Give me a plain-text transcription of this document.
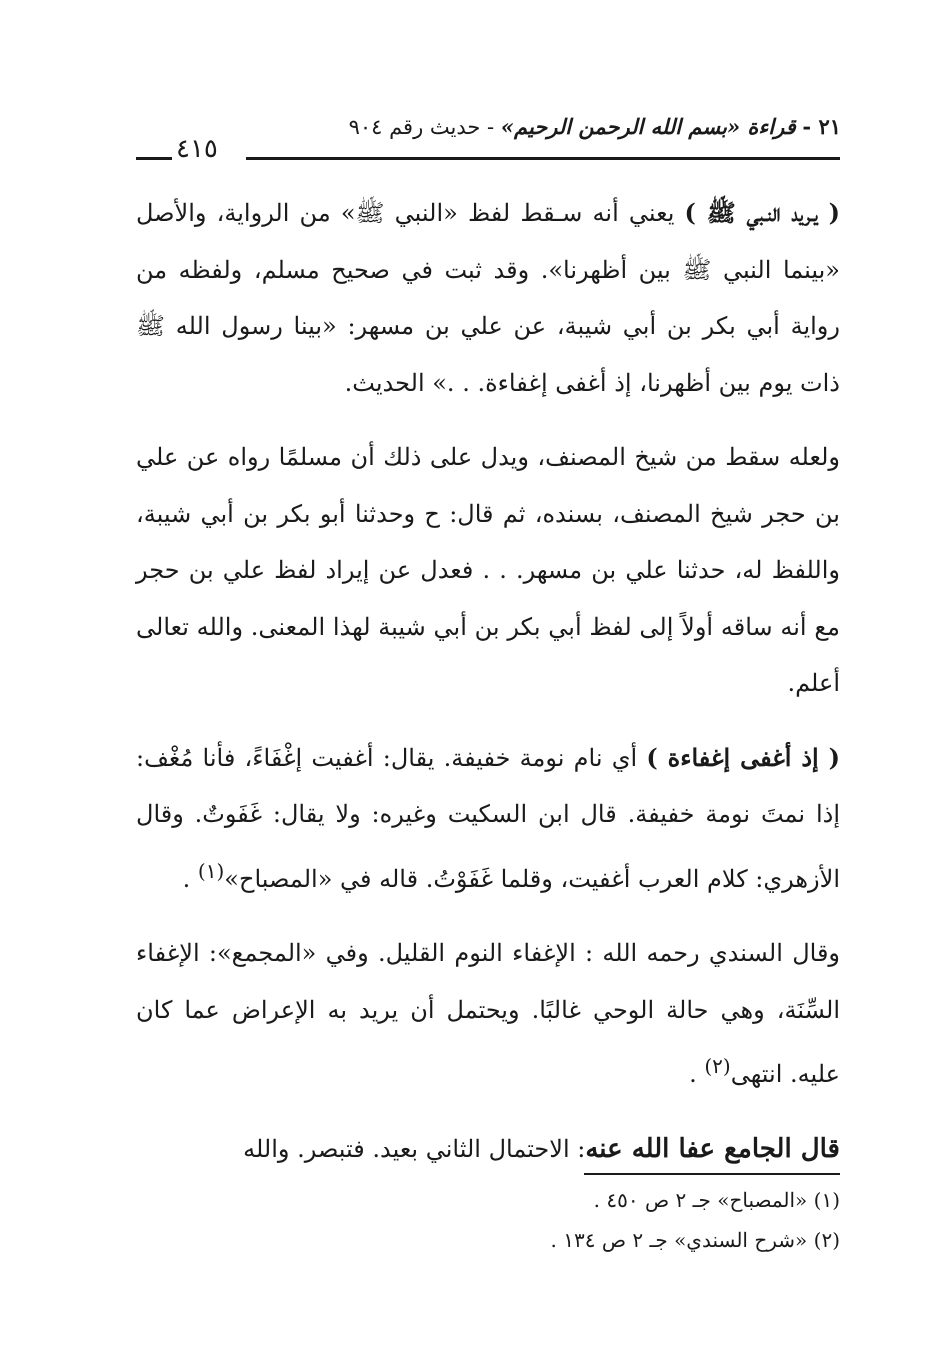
٢١ - قراءة «بسم الله الرحمن الرحيم» - حديث رقم ٩٠٤
٤١٥

( يـريد النـبي ﷺ ) يعني أنه سـقط لفظ «النبي ﷺ» من الرواية، والأصل «بينما النبي ﷺ بين أظهرنا». وقد ثبت في صحيح مسلم، ولفظه من رواية أبي بكر بن أبي شيبة، عن علي بن مسهر: «بينا رسول الله ﷺ ذات يوم بين أظهرنا، إذ أغفى إغفاءة. . .» الحديث.

ولعله سقط من شيخ المصنف، ويدل على ذلك أن مسلمًا رواه عن علي بن حجر شيخ المصنف، بسنده، ثم قال: ح وحدثنا أبو بكر بن أبي شيبة، واللفظ له، حدثنا علي بن مسهر. . . فعدل عن إيراد لفظ علي بن حجر مع أنه ساقه أولاً إلى لفظ أبي بكر بن أبي شيبة لهذا المعنى. والله تعالى أعلم.

( إذ أغفى إغفاءة ) أي نام نومة خفيفة. يقال: أغفيت إغْفَاءً، فأنا مُغْف: إذا نمتَ نومة خفيفة. قال ابن السكيت وغيره: ولا يقال: غَفَوتٌ. وقال الأزهري: كلام العرب أغفيت، وقلما غَفَوْتُ. قاله في «المصباح»$^{(١)}$ .

وقال السندي رحمه الله : الإغفاء النوم القليل. وفي «المجمع»: الإغفاء السِّنَة، وهي حالة الوحي غالبًا. ويحتمل أن يريد به الإعراض عما كان عليه. انتهى$^{(٢)}$ .

قال الجامع عفا الله عنه: الاحتمال الثاني بعيد. فتبصر. والله

(١) «المصباح» جـ ٢ ص ٤٥٠ .
(٢) «شرح السندي» جـ ٢ ص ١٣٤ .
